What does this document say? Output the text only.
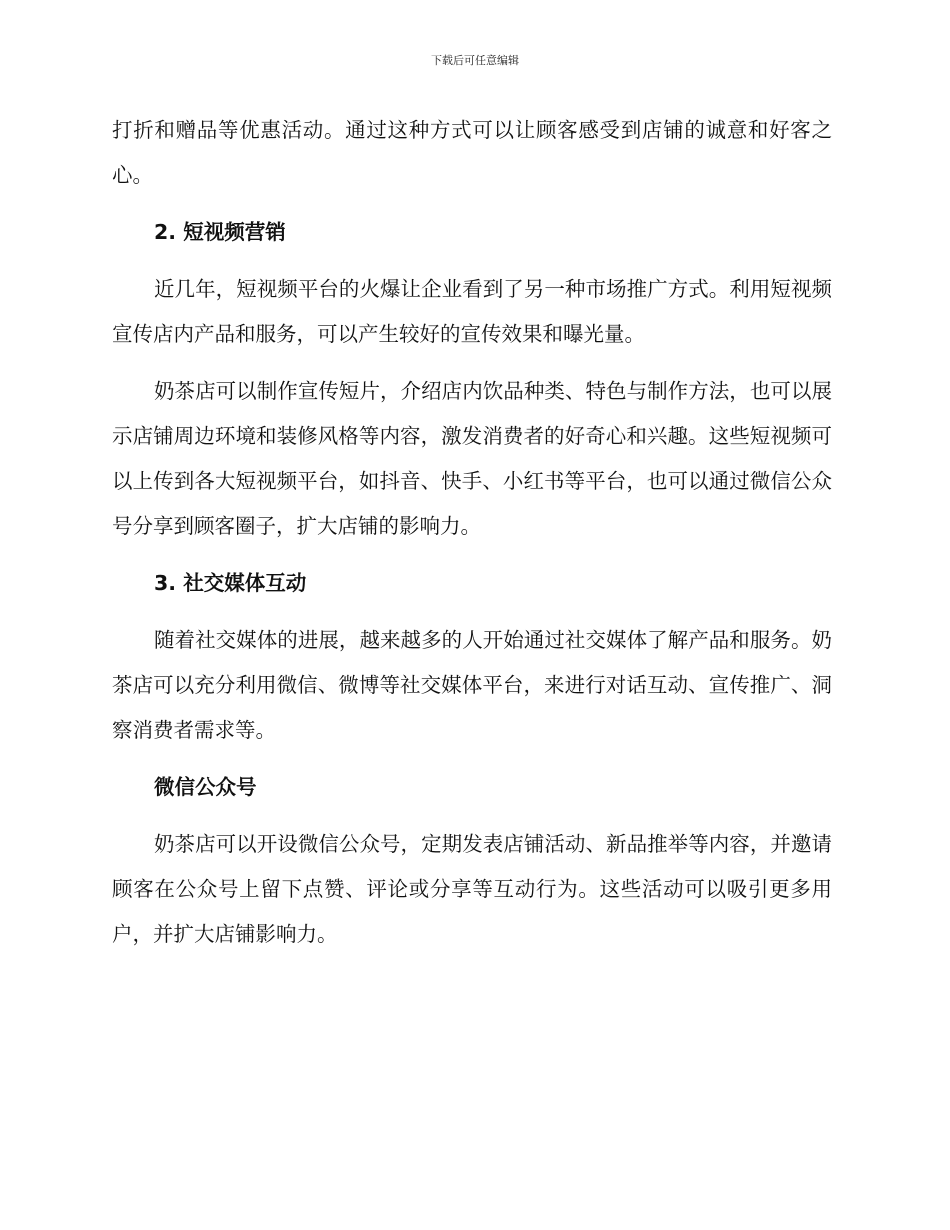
下载后可任意编辑

打折和赠品等优惠活动。通过这种方式可以让顾客感受到店铺的诚意和好客之心。

2. 短视频营销

近几年，短视频平台的火爆让企业看到了另一种市场推广方式。利用短视频宣传店内产品和服务，可以产生较好的宣传效果和曝光量。

奶茶店可以制作宣传短片，介绍店内饮品种类、特色与制作方法，也可以展示店铺周边环境和装修风格等内容，激发消费者的好奇心和兴趣。这些短视频可以上传到各大短视频平台，如抖音、快手、小红书等平台，也可以通过微信公众号分享到顾客圈子，扩大店铺的影响力。

3. 社交媒体互动

随着社交媒体的进展，越来越多的人开始通过社交媒体了解产品和服务。奶茶店可以充分利用微信、微博等社交媒体平台，来进行对话互动、宣传推广、洞察消费者需求等。

微信公众号

奶茶店可以开设微信公众号，定期发表店铺活动、新品推举等内容，并邀请顾客在公众号上留下点赞、评论或分享等互动行为。这些活动可以吸引更多用户，并扩大店铺影响力。
